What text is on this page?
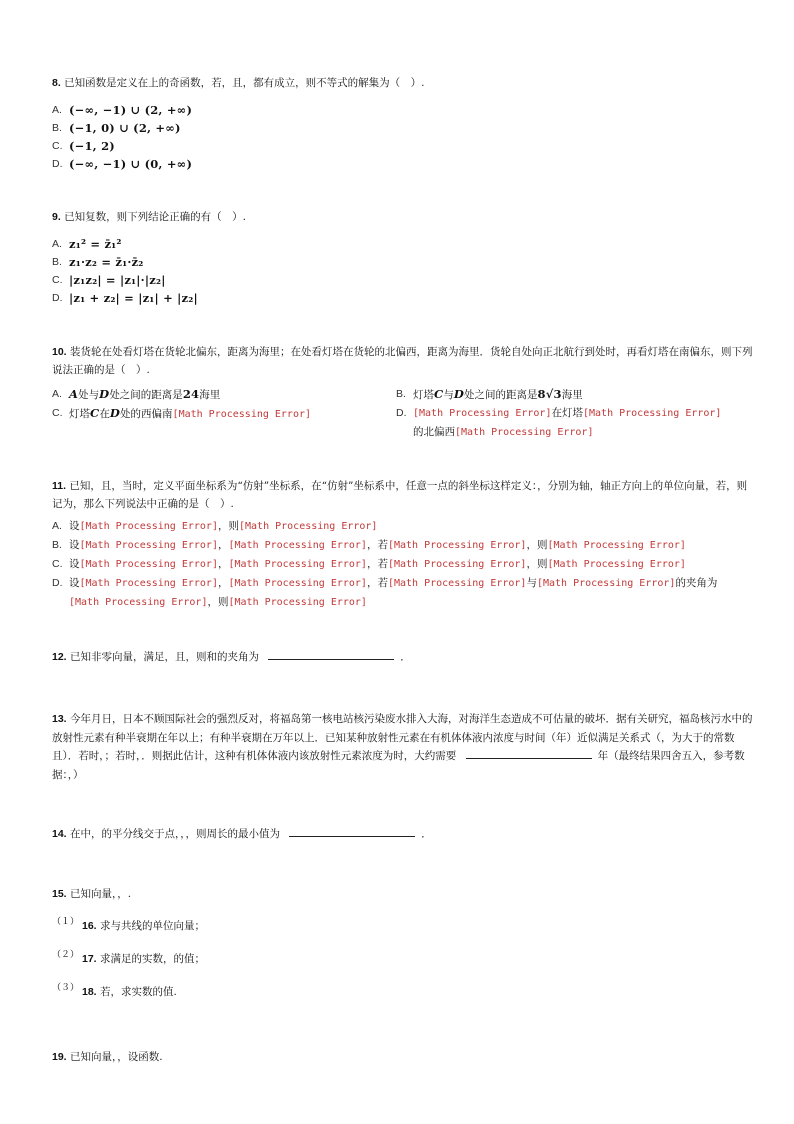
8. 已知函数是定义在上的奇函数，若，且，都有成立，则不等式的解集为（　）.
A. (−∞, −1) ∪ (2, +∞)
B. (−1, 0) ∪ (2, +∞)
C. (−1, 2)
D. (−∞, −1) ∪ (0, +∞)
9. 已知复数，则下列结论正确的有（　）.
A. z₁² = z̄₁²
B. z₁·z₂ = z̄₁·z̄₂
C. |z₁z₂| = |z₁|·|z₂|
D. |z₁ + z₂| = |z₁| + |z₂|
10. 装货轮在处看灯塔在货轮北偏东，距离为海里；在处看灯塔在货轮的北偏西，距离为海里．货轮自处向正北航行到处时，再看灯塔在南偏东，则下列说法正确的是（　）.
A. A处与D处之间的距离是24海里	B. 灯塔C与D处之间的距离是8√3海里
C. 灯塔C在D处的西偏南[Math Processing Error]	D. [Math Processing Error]在灯塔[Math Processing Error]
的北偏西[Math Processing Error]
11. 已知，且，当时，定义平面坐标系为“仿射”坐标系，在“仿射”坐标系中，任意一点的斜坐标这样定义：，分别为轴，轴正方向上的单位向量，若，则记为，那么下列说法中正确的是（　）.
A. 设[Math Processing Error]，则[Math Processing Error]
B. 设[Math Processing Error]，[Math Processing Error]，若[Math Processing Error]，则[Math Processing Error]
C. 设[Math Processing Error]，[Math Processing Error]，若[Math Processing Error]，则[Math Processing Error]
D. 设[Math Processing Error]，[Math Processing Error]，若[Math Processing Error]与[Math Processing Error]的夹角为
[Math Processing Error]，则[Math Processing Error]
12. 已知非零向量，满足，且，则和的夹角为	．
13. 今年月日，日本不顾国际社会的强烈反对，将福岛第一核电站核污染废水排入大海，对海洋生态造成不可估量的破坏．据有关研究，福岛核污水中的放射性元素有种半衰期在年以上；有种半衰期在万年以上．已知某种放射性元素在有机体体液内浓度与时间（年）近似满足关系式（，为大于的常数且）．若时，；若时，．则据此估计，这种有机体体液内该放射性元素浓度为时，大约需要	年（最终结果四舍五入，参考数据：，）
14. 在中，的平分线交于点，，，则周长的最小值为	．
15. 已知向量，，.
（１） 16. 求与共线的单位向量；
（２） 17. 求满足的实数，的值；
（３） 18. 若，求实数的值.
19. 已知向量，，设函数.
